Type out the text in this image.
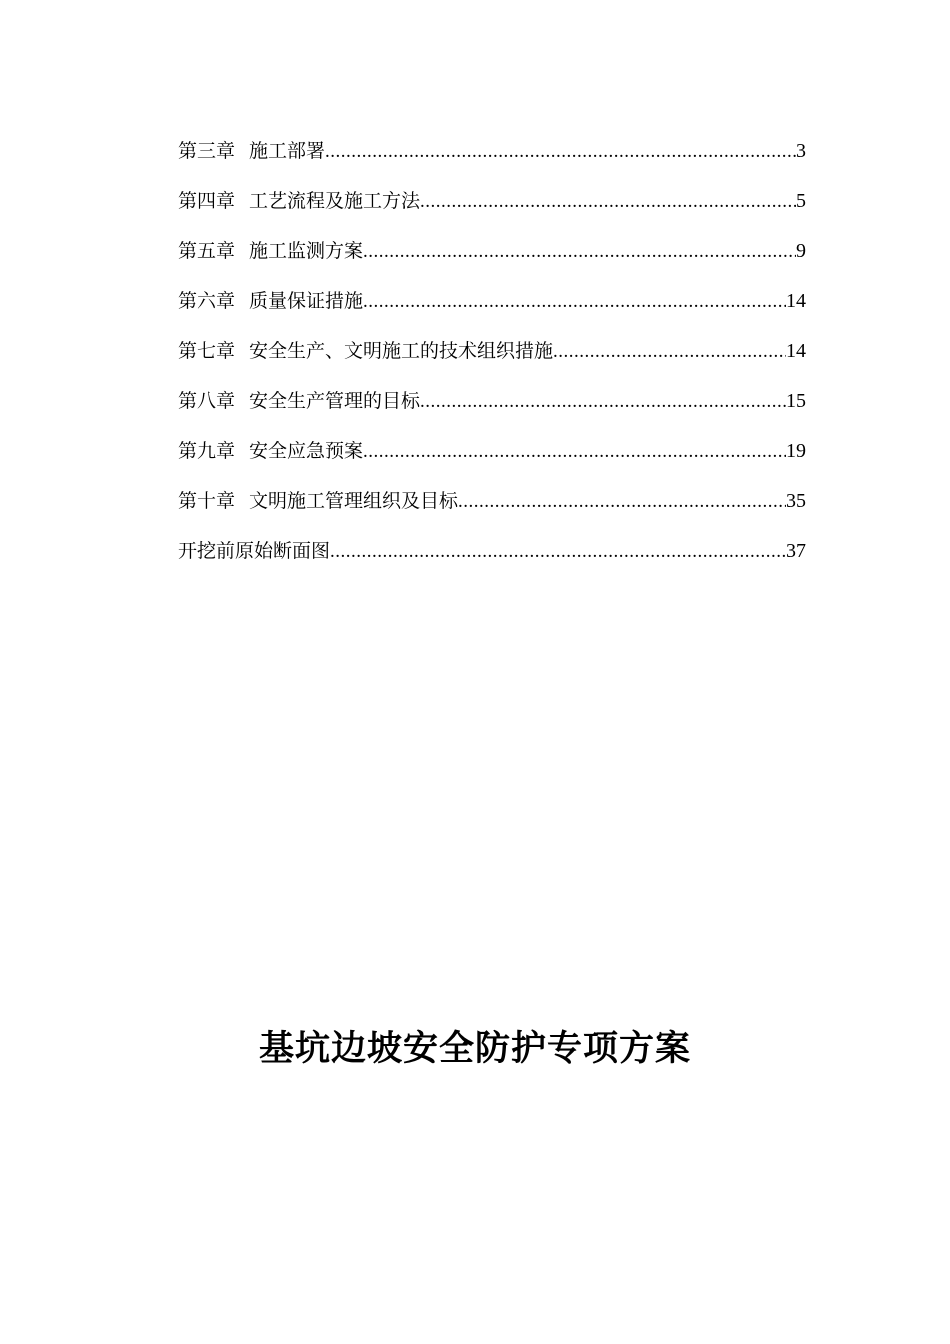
第三章 施工部署 .....	3
第四章 工艺流程及施工方法 .....	5
第五章 施工监测方案 .....	9
第六章 质量保证措施 .....	14
第七章 安全生产、文明施工的技术组织措施 .....	14
第八章 安全生产管理的目标 .....	15
第九章 安全应急预案 .....	19
第十章 文明施工管理组织及目标 .....	35
开挖前原始断面图 .....	37
基坑边坡安全防护专项方案
